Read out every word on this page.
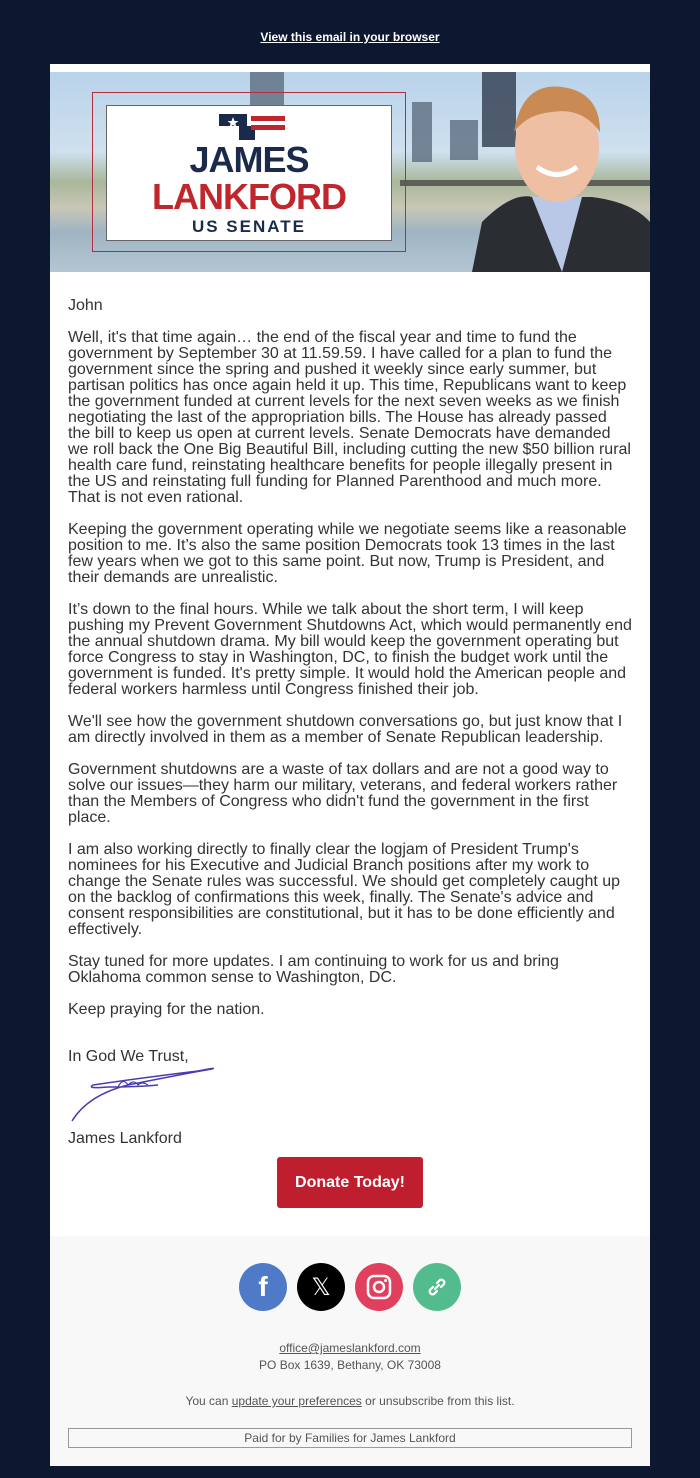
View this email in your browser
JAMES
LANKFORD
US SENATE

John

Well, it's that time again… the end of the fiscal year and time to fund the government by September 30 at 11.59.59. I have called for a plan to fund the government since the spring and pushed it weekly since early summer, but partisan politics has once again held it up. This time, Republicans want to keep the government funded at current levels for the next seven weeks as we finish negotiating the last of the appropriation bills. The House has already passed the bill to keep us open at current levels. Senate Democrats have demanded we roll back the One Big Beautiful Bill, including cutting the new $50 billion rural health care fund, reinstating healthcare benefits for people illegally present in the US and reinstating full funding for Planned Parenthood and much more. That is not even rational.

Keeping the government operating while we negotiate seems like a reasonable position to me. It’s also the same position Democrats took 13 times in the last few years when we got to this same point. But now, Trump is President, and their demands are unrealistic.

It’s down to the final hours. While we talk about the short term, I will keep pushing my Prevent Government Shutdowns Act, which would permanently end the annual shutdown drama. My bill would keep the government operating but force Congress to stay in Washington, DC, to finish the budget work until the government is funded. It's pretty simple. It would hold the American people and federal workers harmless until Congress finished their job.

We'll see how the government shutdown conversations go, but just know that I am directly involved in them as a member of Senate Republican leadership.

Government shutdowns are a waste of tax dollars and are not a good way to solve our issues—they harm our military, veterans, and federal workers rather than the Members of Congress who didn't fund the government in the first place.

I am also working directly to finally clear the logjam of President Trump's nominees for his Executive and Judicial Branch positions after my work to change the Senate rules was successful. We should get completely caught up on the backlog of confirmations this week, finally. The Senate's advice and consent responsibilities are constitutional, but it has to be done efficiently and effectively.

Stay tuned for more updates. I am continuing to work for us and bring Oklahoma common sense to Washington, DC.

Keep praying for the nation.

In God We Trust,

James Lankford

Donate Today!
f 𝕏
office@jameslankford.com
PO Box 1639, Bethany, OK 73008
You can update your preferences or unsubscribe from this list.
Paid for by Families for James Lankford
